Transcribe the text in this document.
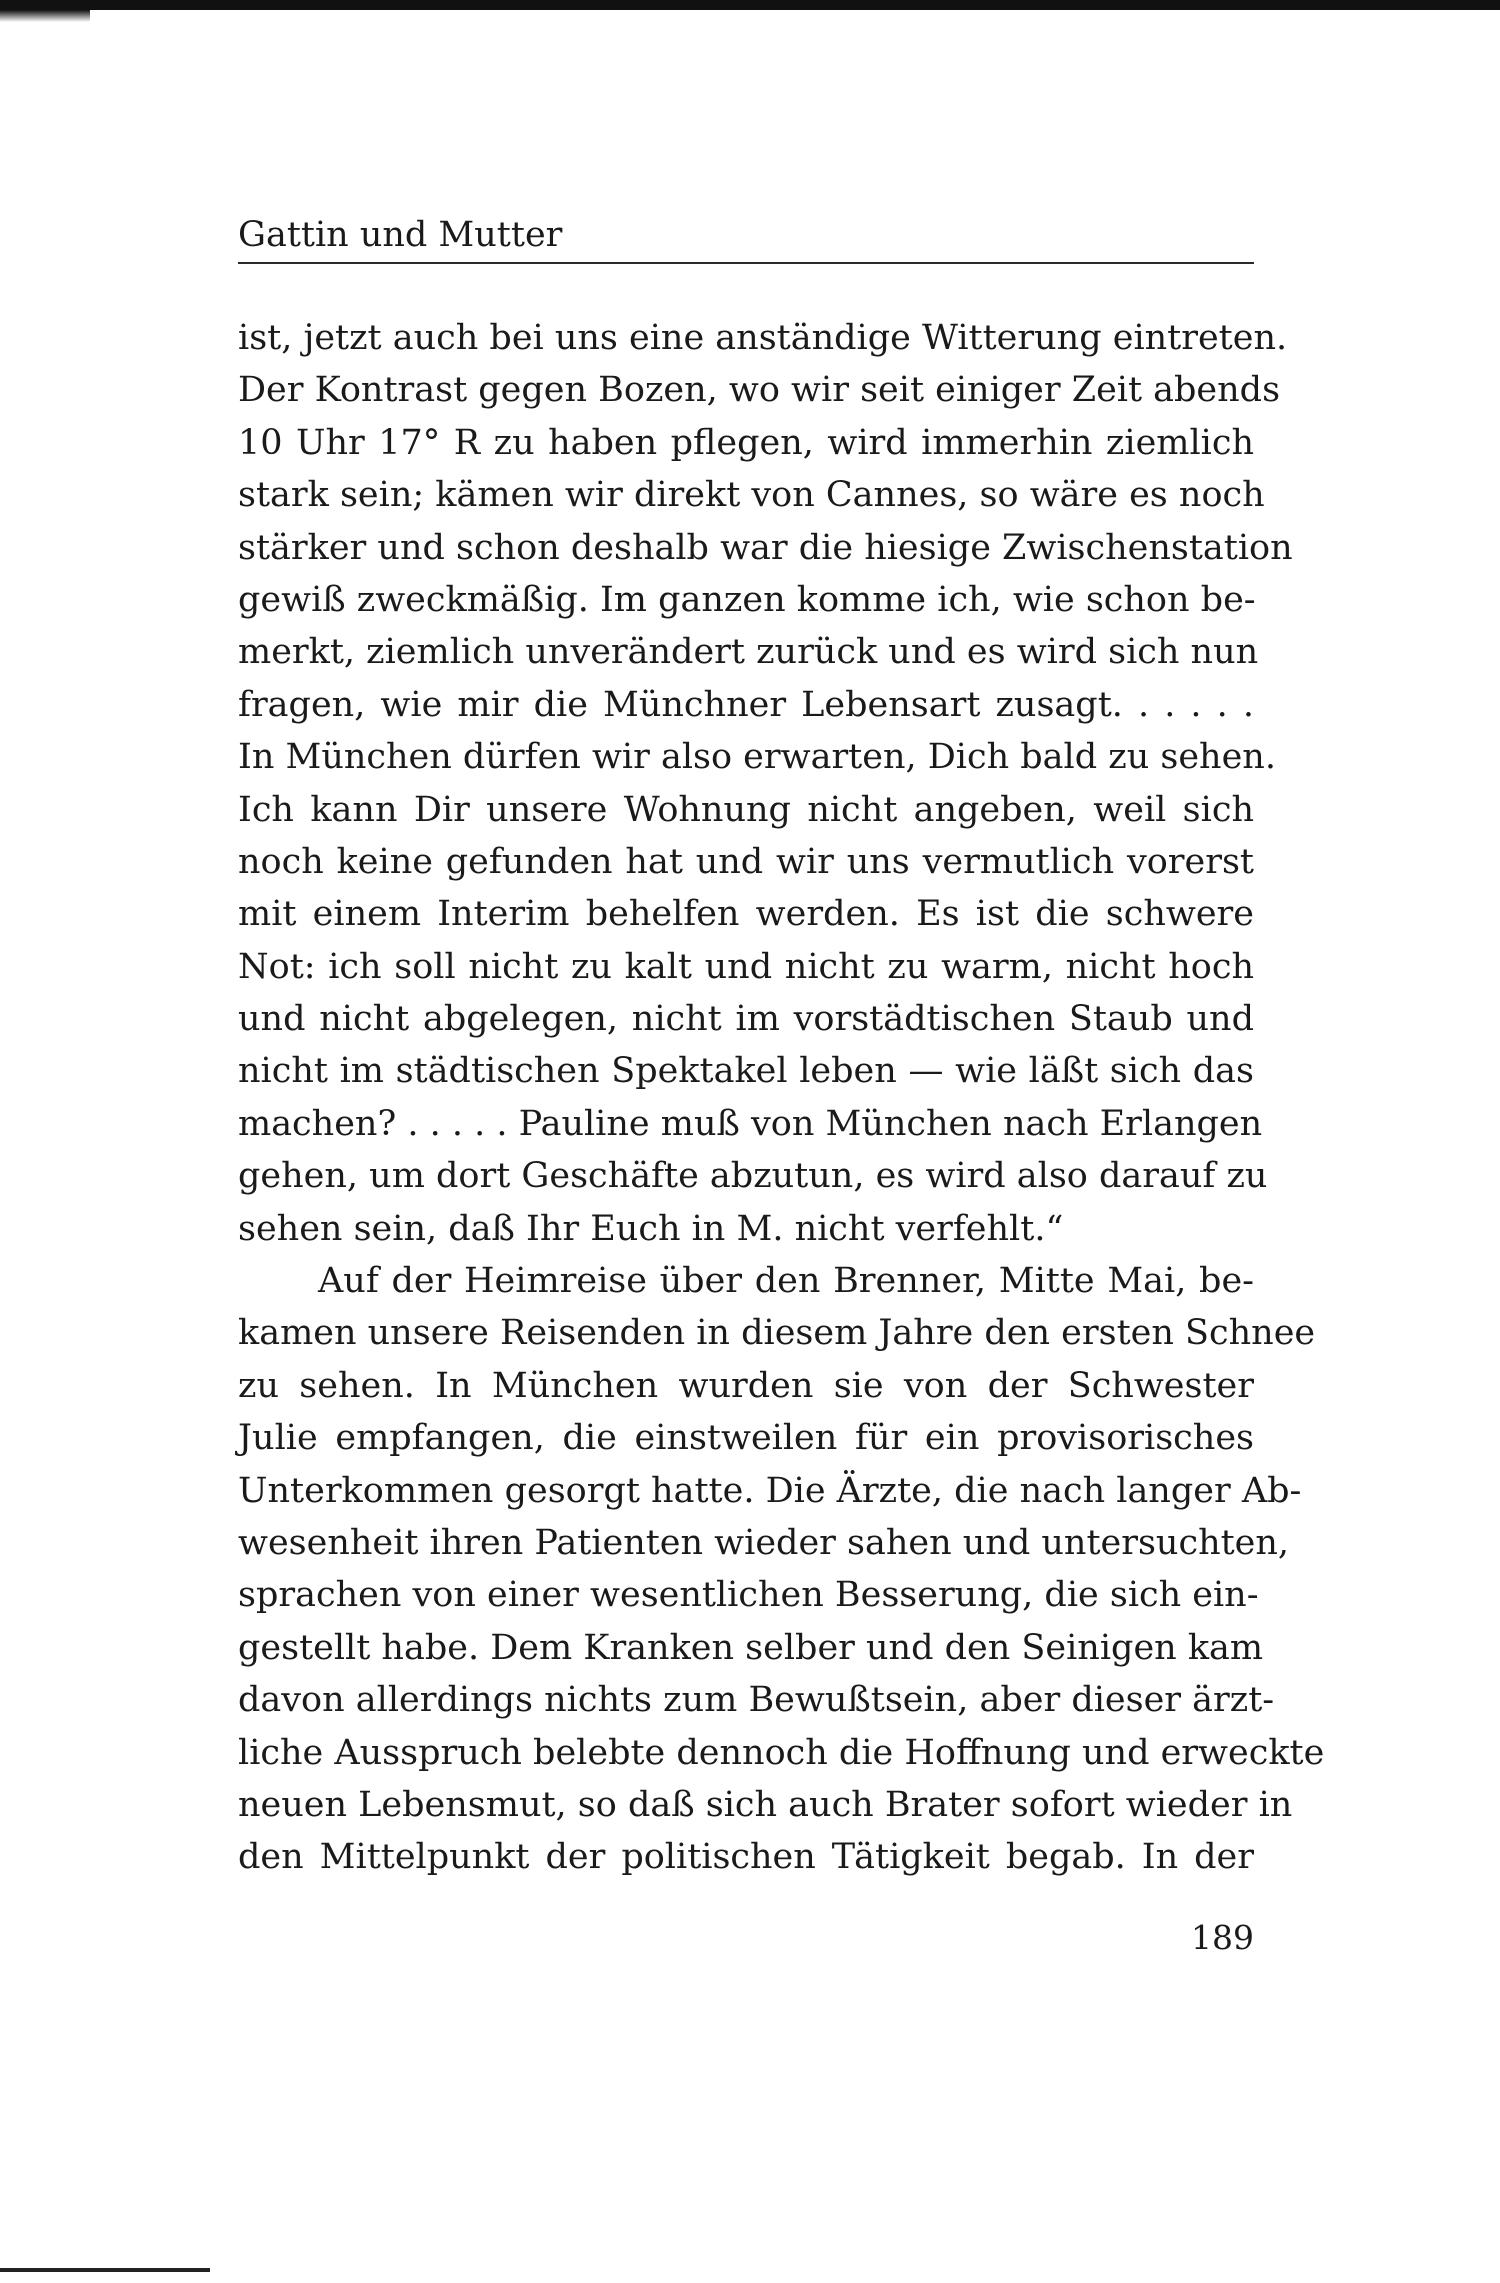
Gattin und Mutter
ist, jetzt auch bei uns eine anständige Witterung eintreten.
Der Kontrast gegen Bozen, wo wir seit einiger Zeit abends
10 Uhr 17° R zu haben pflegen, wird immerhin ziemlich
stark sein; kämen wir direkt von Cannes, so wäre es noch
stärker und schon deshalb war die hiesige Zwischenstation
gewiß zweckmäßig. Im ganzen komme ich, wie schon be-
merkt, ziemlich unverändert zurück und es wird sich nun
fragen, wie mir die Münchner Lebensart zusagt. . . . . .
In München dürfen wir also erwarten, Dich bald zu sehen.
Ich kann Dir unsere Wohnung nicht angeben, weil sich
noch keine gefunden hat und wir uns vermutlich vorerst
mit einem Interim behelfen werden. Es ist die schwere
Not: ich soll nicht zu kalt und nicht zu warm, nicht hoch
und nicht abgelegen, nicht im vorstädtischen Staub und
nicht im städtischen Spektakel leben — wie läßt sich das
machen? . . . . . Pauline muß von München nach Erlangen
gehen, um dort Geschäfte abzutun, es wird also darauf zu
sehen sein, daß Ihr Euch in M. nicht verfehlt.“
Auf der Heimreise über den Brenner, Mitte Mai, be-
kamen unsere Reisenden in diesem Jahre den ersten Schnee
zu sehen. In München wurden sie von der Schwester
Julie empfangen, die einstweilen für ein provisorisches
Unterkommen gesorgt hatte. Die Ärzte, die nach langer Ab-
wesenheit ihren Patienten wieder sahen und untersuchten,
sprachen von einer wesentlichen Besserung, die sich ein-
gestellt habe. Dem Kranken selber und den Seinigen kam
davon allerdings nichts zum Bewußtsein, aber dieser ärzt-
liche Ausspruch belebte dennoch die Hoffnung und erweckte
neuen Lebensmut, so daß sich auch Brater sofort wieder in
den Mittelpunkt der politischen Tätigkeit begab. In der
189
